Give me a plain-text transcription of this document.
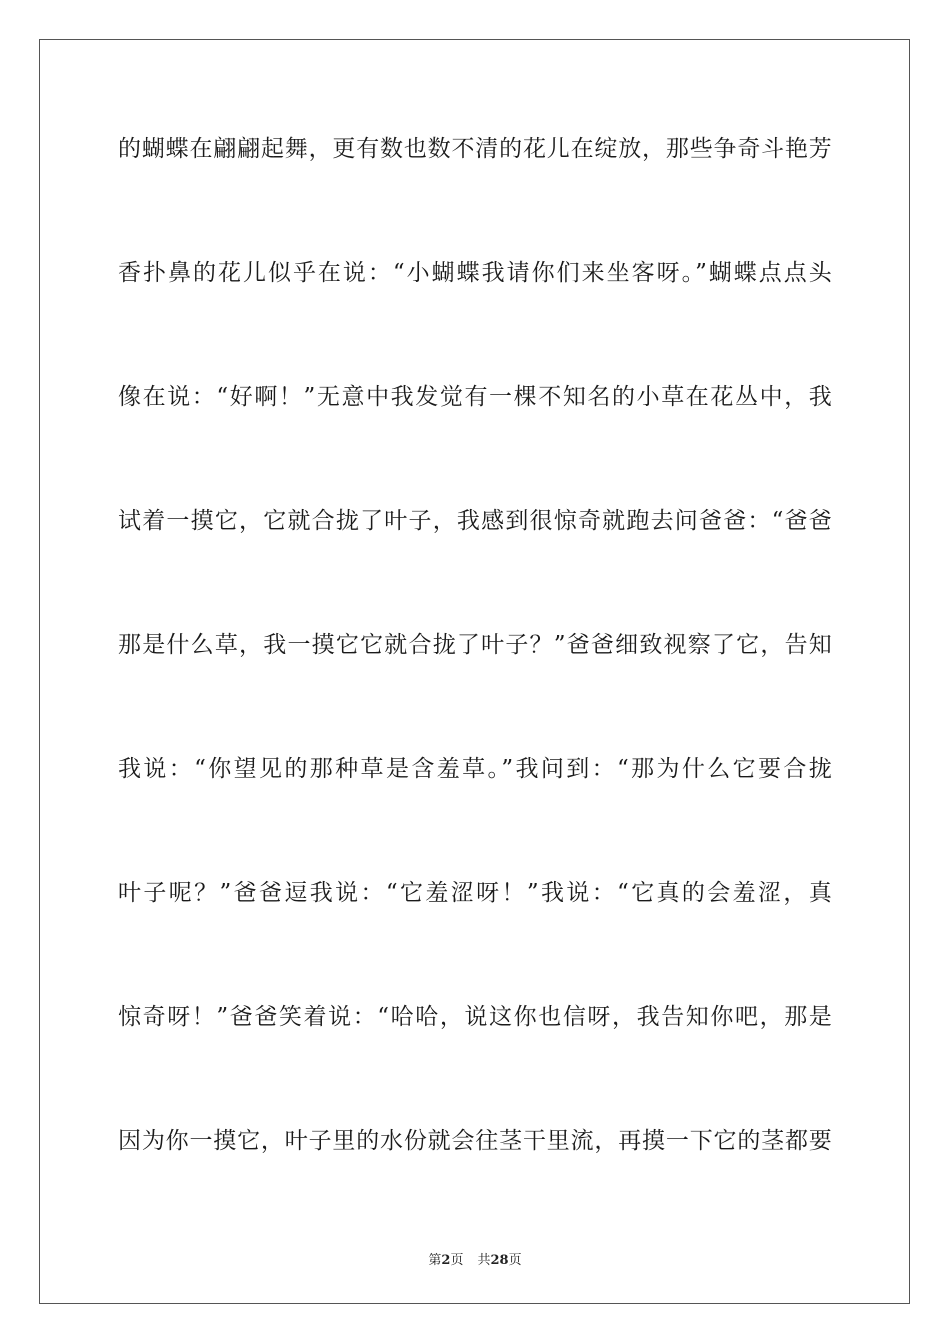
的蝴蝶在翩翩起舞，更有数也数不清的花儿在绽放，那些争奇斗艳芳
香扑鼻的花儿似乎在说：“小蝴蝶我请你们来坐客呀。”蝴蝶点点头
像在说：“好啊！”无意中我发觉有一棵不知名的小草在花丛中，我
试着一摸它，它就合拢了叶子，我感到很惊奇就跑去问爸爸：“爸爸
那是什么草，我一摸它它就合拢了叶子？”爸爸细致视察了它，告知
我说：“你望见的那种草是含羞草。”我问到：“那为什么它要合拢
叶子呢？”爸爸逗我说：“它羞涩呀！”我说：“它真的会羞涩，真
惊奇呀！”爸爸笑着说：“哈哈，说这你也信呀，我告知你吧，那是
因为你一摸它，叶子里的水份就会往茎干里流，再摸一下它的茎都要
第2页 共28页
